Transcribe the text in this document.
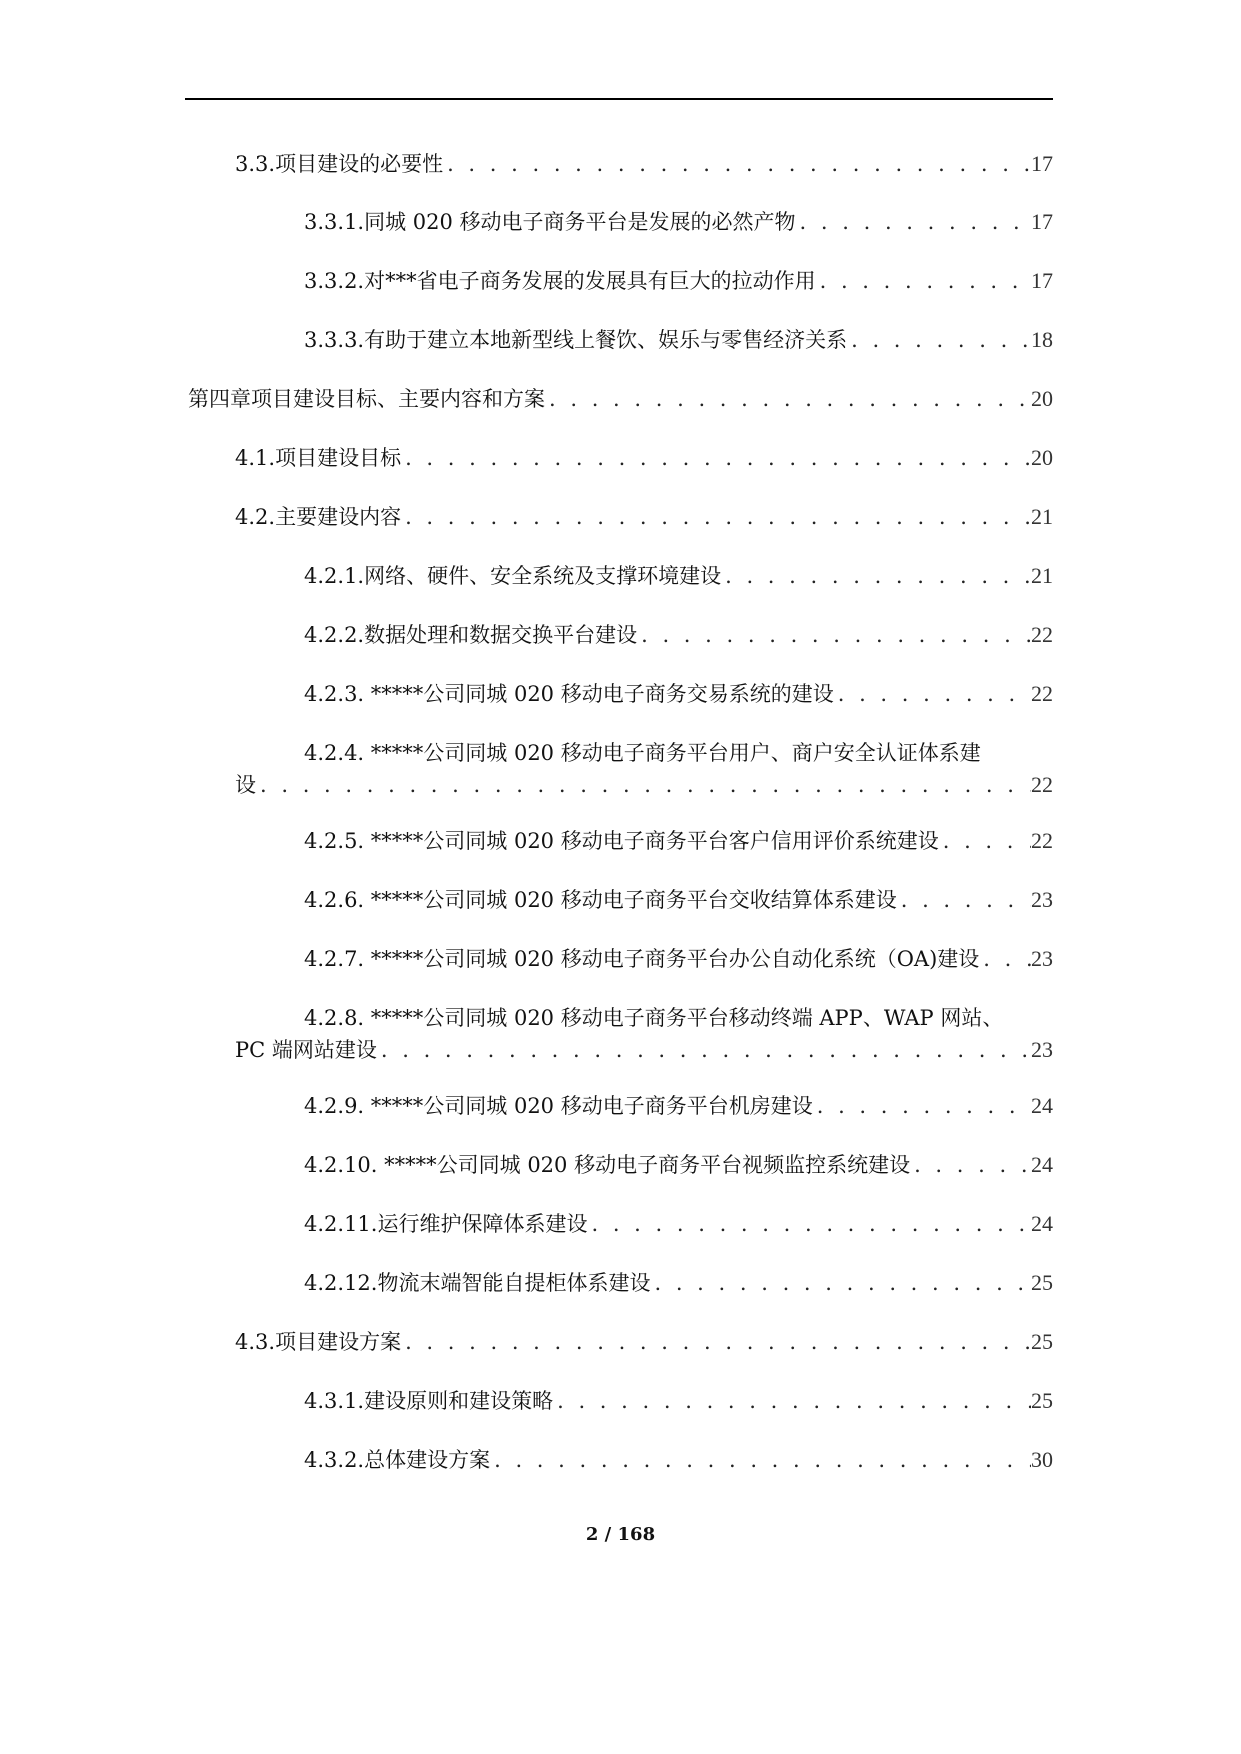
3.3.项目建设的必要性 . . .	17
3.3.1.同城 020 移动电子商务平台是发展的必然产物 . . .	17
3.3.2.对***省电子商务发展的发展具有巨大的拉动作用 . . .	17
3.3.3.有助于建立本地新型线上餐饮、娱乐与零售经济关系 . . .	18
第四章项目建设目标、主要内容和方案 . . .	20
4.1.项目建设目标 . . .	20
4.2.主要建设内容 . . .	21
4.2.1.网络、硬件、安全系统及支撑环境建设 . . .	21
4.2.2.数据处理和数据交换平台建设 . . .	22
4.2.3. *****公司同城 020 移动电子商务交易系统的建设 . . .	22
4.2.4. *****公司同城 020 移动电子商务平台用户、商户安全认证体系建
设 . . .	22
4.2.5. *****公司同城 020 移动电子商务平台客户信用评价系统建设 . . .	22
4.2.6. *****公司同城 020 移动电子商务平台交收结算体系建设 . . .	23
4.2.7. *****公司同城 020 移动电子商务平台办公自动化系统（OA)建设 . . . 23
4.2.8. *****公司同城 020 移动电子商务平台移动终端 APP、WAP 网站、
PC 端网站建设 . . .	23
4.2.9. *****公司同城 020 移动电子商务平台机房建设 . . .	24
4.2.10. *****公司同城 020 移动电子商务平台视频监控系统建设 . . .	24
4.2.11.运行维护保障体系建设 . . .	24
4.2.12.物流末端智能自提柜体系建设 . . .	25
4.3.项目建设方案 . . .	25
4.3.1.建设原则和建设策略 . . .	25
4.3.2.总体建设方案 . . .	30
2 / 168
